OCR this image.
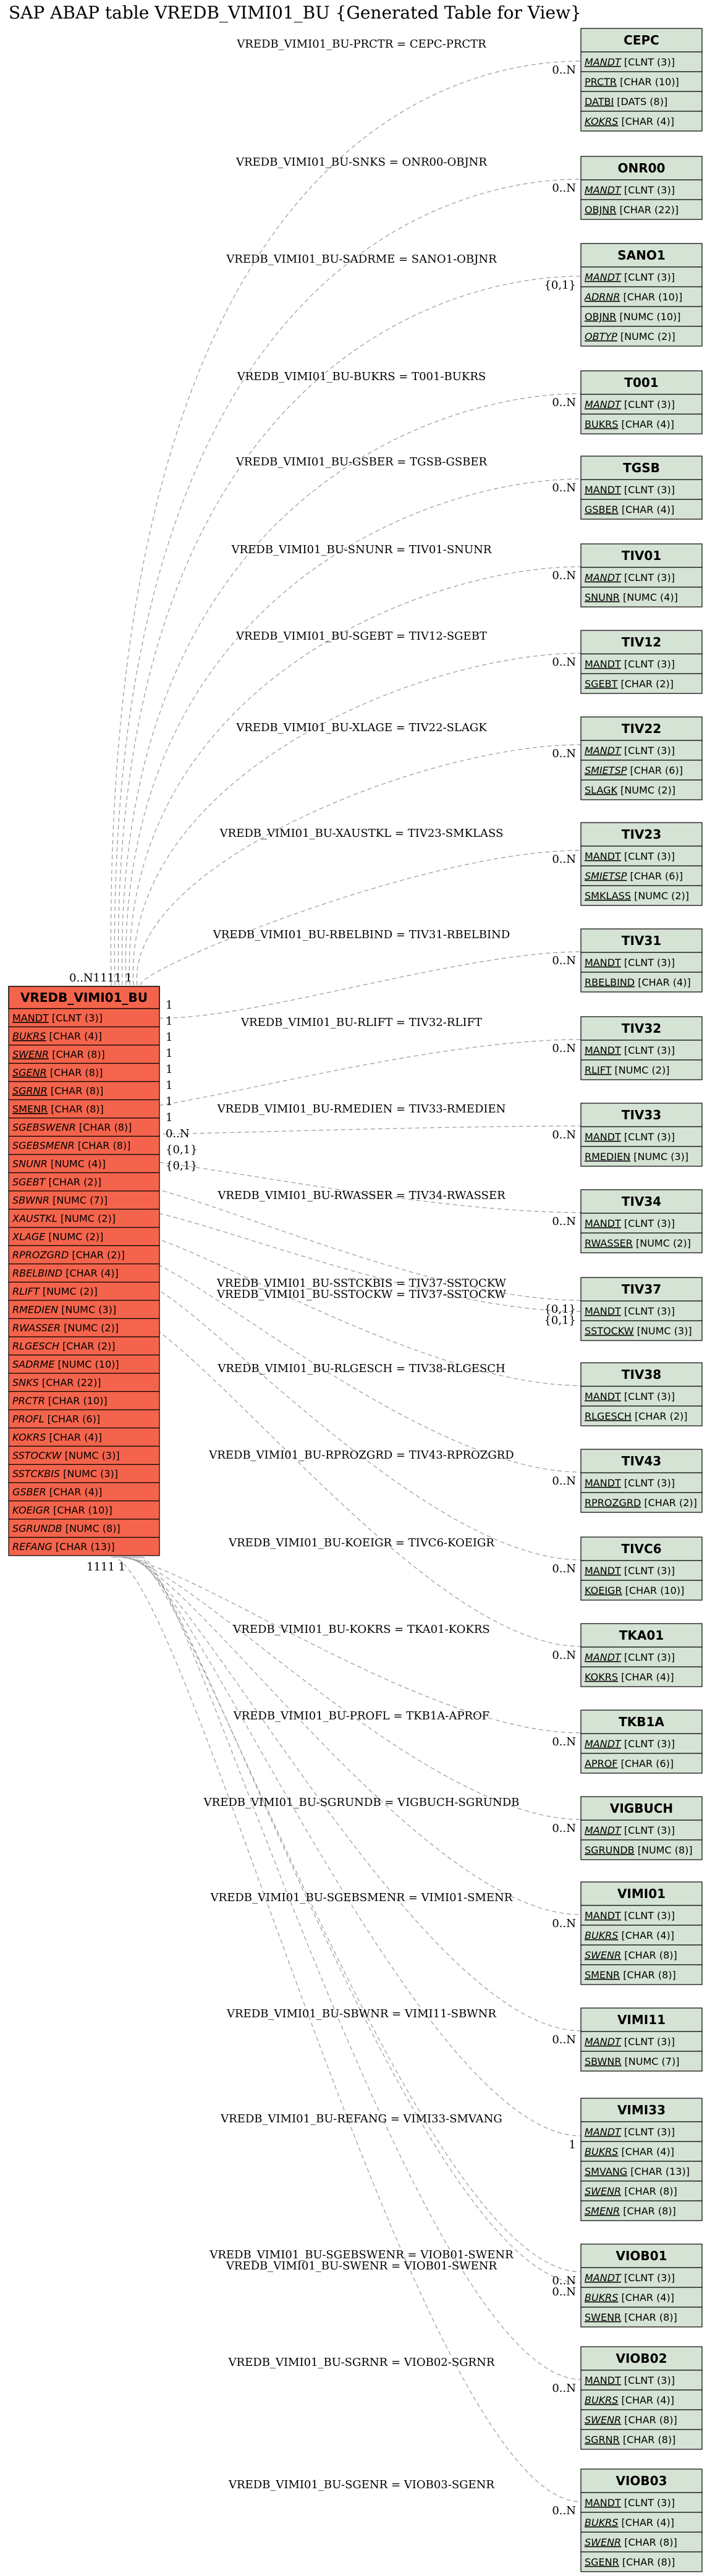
SAP ABAP table VREDB_VIMI01_BU {Generated Table for View}
CEPC
MANDT [CLNT (3)]
PRCTR [CHAR (10)]
DATBI [DATS (8)]
KOKRS [CHAR (4)]
ONR00
MANDT [CLNT (3)]
OBJNR [CHAR (22)]
SANO1
MANDT [CLNT (3)]
ADRNR [CHAR (10)]
OBJNR [NUMC (10)]
OBTYP [NUMC (2)]
T001
MANDT [CLNT (3)]
BUKRS [CHAR (4)]
TGSB
MANDT [CLNT (3)]
GSBER [CHAR (4)]
TIV01
MANDT [CLNT (3)]
SNUNR [NUMC (4)]
TIV12
MANDT [CLNT (3)]
SGEBT [CHAR (2)]
TIV22
MANDT [CLNT (3)]
SMIETSP [CHAR (6)]
SLAGK [NUMC (2)]
TIV23
MANDT [CLNT (3)]
SMIETSP [CHAR (6)]
SMKLASS [NUMC (2)]
TIV31
MANDT [CLNT (3)]
RBELBIND [CHAR (4)]
TIV32
MANDT [CLNT (3)]
RLIFT [NUMC (2)]
TIV33
MANDT [CLNT (3)]
RMEDIEN [NUMC (3)]
TIV34
MANDT [CLNT (3)]
RWASSER [NUMC (2)]
TIV37
MANDT [CLNT (3)]
SSTOCKW [NUMC (3)]
TIV38
MANDT [CLNT (3)]
RLGESCH [CHAR (2)]
TIV43
MANDT [CLNT (3)]
RPROZGRD [CHAR (2)]
TIVC6
MANDT [CLNT (3)]
KOEIGR [CHAR (10)]
TKA01
MANDT [CLNT (3)]
KOKRS [CHAR (4)]
TKB1A
MANDT [CLNT (3)]
APROF [CHAR (6)]
VIGBUCH
MANDT [CLNT (3)]
SGRUNDB [NUMC (8)]
VIMI01
MANDT [CLNT (3)]
BUKRS [CHAR (4)]
SWENR [CHAR (8)]
SMENR [CHAR (8)]
VIMI11
MANDT [CLNT (3)]
SBWNR [NUMC (7)]
VIMI33
MANDT [CLNT (3)]
BUKRS [CHAR (4)]
SMVANG [CHAR (13)]
SWENR [CHAR (8)]
SMENR [CHAR (8)]
VIOB01
MANDT [CLNT (3)]
BUKRS [CHAR (4)]
SWENR [CHAR (8)]
VIOB02
MANDT [CLNT (3)]
BUKRS [CHAR (4)]
SWENR [CHAR (8)]
SGRNR [CHAR (8)]
VIOB03
MANDT [CLNT (3)]
BUKRS [CHAR (4)]
SWENR [CHAR (8)]
SGENR [CHAR (8)]
VREDB_VIMI01_BU-PRCTR = CEPC-PRCTR
0..N
VREDB_VIMI01_BU-SNKS = ONR00-OBJNR
0..N
VREDB_VIMI01_BU-SADRME = SANO1-OBJNR
{0,1}
VREDB_VIMI01_BU-BUKRS = T001-BUKRS
0..N
VREDB_VIMI01_BU-GSBER = TGSB-GSBER
0..N
VREDB_VIMI01_BU-SNUNR = TIV01-SNUNR
0..N
VREDB_VIMI01_BU-SGEBT = TIV12-SGEBT
0..N
VREDB_VIMI01_BU-XLAGE = TIV22-SLAGK
0..N
VREDB_VIMI01_BU-XAUSTKL = TIV23-SMKLASS
0..N
VREDB_VIMI01_BU-RBELBIND = TIV31-RBELBIND
0..N
1
VREDB_VIMI01_BU-RLIFT = TIV32-RLIFT
0..N
1
VREDB_VIMI01_BU-RMEDIEN = TIV33-RMEDIEN
0..N
1
VREDB_VIMI01_BU-RWASSER = TIV34-RWASSER
0..N
1
VREDB_VIMI01_BU-SSTCKBIS = TIV37-SSTOCKW
{0,1}
1
VREDB_VIMI01_BU-SSTOCKW = TIV37-SSTOCKW
{0,1}
1
VREDB_VIMI01_BU-RLGESCH = TIV38-RLGESCH
1
VREDB_VIMI01_BU-RPROZGRD = TIV43-RPROZGRD
0..N
1
VREDB_VIMI01_BU-KOEIGR = TIVC6-KOEIGR
0..N
0..N
VREDB_VIMI01_BU-KOKRS = TKA01-KOKRS
0..N
{0,1}
VREDB_VIMI01_BU-PROFL = TKB1A-APROF
0..N
{0,1}
VREDB_VIMI01_BU-SGRUNDB = VIGBUCH-SGRUNDB
0..N
VREDB_VIMI01_BU-SGEBSMENR = VIMI01-SMENR
0..N
VREDB_VIMI01_BU-SBWNR = VIMI11-SBWNR
0..N
VREDB_VIMI01_BU-REFANG = VIMI33-SMVANG
1
VREDB_VIMI01_BU-SGEBSWENR = VIOB01-SWENR
0..N
VREDB_VIMI01_BU-SWENR = VIOB01-SWENR
0..N
VREDB_VIMI01_BU-SGRNR = VIOB02-SGRNR
0..N
VREDB_VIMI01_BU-SGENR = VIOB03-SGENR
0..N
VREDB_VIMI01_BU
MANDT [CLNT (3)]
BUKRS [CHAR (4)]
SWENR [CHAR (8)]
SGENR [CHAR (8)]
SGRNR [CHAR (8)]
SMENR [CHAR (8)]
SGEBSWENR [CHAR (8)]
SGEBSMENR [CHAR (8)]
SNUNR [NUMC (4)]
SGEBT [CHAR (2)]
SBWNR [NUMC (7)]
XAUSTKL [NUMC (2)]
XLAGE [NUMC (2)]
RPROZGRD [CHAR (2)]
RBELBIND [CHAR (4)]
RLIFT [NUMC (2)]
RMEDIEN [NUMC (3)]
RWASSER [NUMC (2)]
RLGESCH [CHAR (2)]
SADRME [NUMC (10)]
SNKS [CHAR (22)]
PRCTR [CHAR (10)]
PROFL [CHAR (6)]
KOKRS [CHAR (4)]
SSTOCKW [NUMC (3)]
SSTCKBIS [NUMC (3)]
GSBER [CHAR (4)]
KOEIGR [CHAR (10)]
SGRUNDB [NUMC (8)]
REFANG [CHAR (13)]
0..N1111 1
1111 1
